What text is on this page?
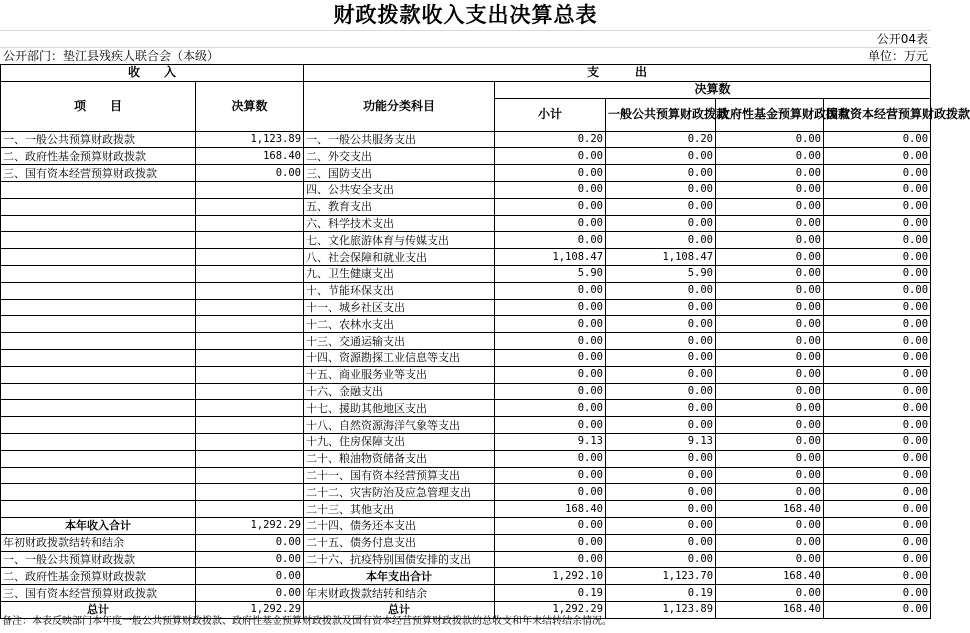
财政拨款收入支出决算总表
公开04表
公开部门：垫江县残疾人联合会（本级）	单位：万元
收　　入		支　　　出				
项　　目	决算数	功能分类科目	决算数			
			小计	一般公共预算财政拨款	政府性基金预算财政拨款	国有资本经营预算财政拨款

一、一般公共预算财政拨款	1,123.89	一、一般公共服务支出	0.20	0.20	0.00	0.00
二、政府性基金预算财政拨款	168.40	二、外交支出	0.00	0.00	0.00	0.00
三、国有资本经营预算财政拨款	0.00	三、国防支出	0.00	0.00	0.00	0.00
		四、公共安全支出	0.00	0.00	0.00	0.00
		五、教育支出	0.00	0.00	0.00	0.00
		六、科学技术支出	0.00	0.00	0.00	0.00
		七、文化旅游体育与传媒支出	0.00	0.00	0.00	0.00
		八、社会保障和就业支出	1,108.47	1,108.47	0.00	0.00
		九、卫生健康支出	5.90	5.90	0.00	0.00
		十、节能环保支出	0.00	0.00	0.00	0.00
		十一、城乡社区支出	0.00	0.00	0.00	0.00
		十二、农林水支出	0.00	0.00	0.00	0.00
		十三、交通运输支出	0.00	0.00	0.00	0.00
		十四、资源勘探工业信息等支出	0.00	0.00	0.00	0.00
		十五、商业服务业等支出	0.00	0.00	0.00	0.00
		十六、金融支出	0.00	0.00	0.00	0.00
		十七、援助其他地区支出	0.00	0.00	0.00	0.00
		十八、自然资源海洋气象等支出	0.00	0.00	0.00	0.00
		十九、住房保障支出	9.13	9.13	0.00	0.00
		二十、粮油物资储备支出	0.00	0.00	0.00	0.00
		二十一、国有资本经营预算支出	0.00	0.00	0.00	0.00
		二十二、灾害防治及应急管理支出	0.00	0.00	0.00	0.00
		二十三、其他支出	168.40	0.00	168.40	0.00
本年收入合计	1,292.29	二十四、债务还本支出	0.00	0.00	0.00	0.00
年初财政拨款结转和结余	0.00	二十五、债务付息支出	0.00	0.00	0.00	0.00
一、一般公共预算财政拨款	0.00	二十六、抗疫特别国债安排的支出	0.00	0.00	0.00	0.00
二、政府性基金预算财政拨款	0.00	本年支出合计	1,292.10	1,123.70	168.40	0.00
三、国有资本经营预算财政拨款	0.00	年末财政拨款结转和结余	0.19	0.19	0.00	0.00
总计	1,292.29	总计	1,292.29	1,123.89	168.40	0.00
备注：本表反映部门本年度一般公共预算财政拨款、政府性基金预算财政拨款及国有资本经营预算财政拨款的总收支和年末结转结余情况。
